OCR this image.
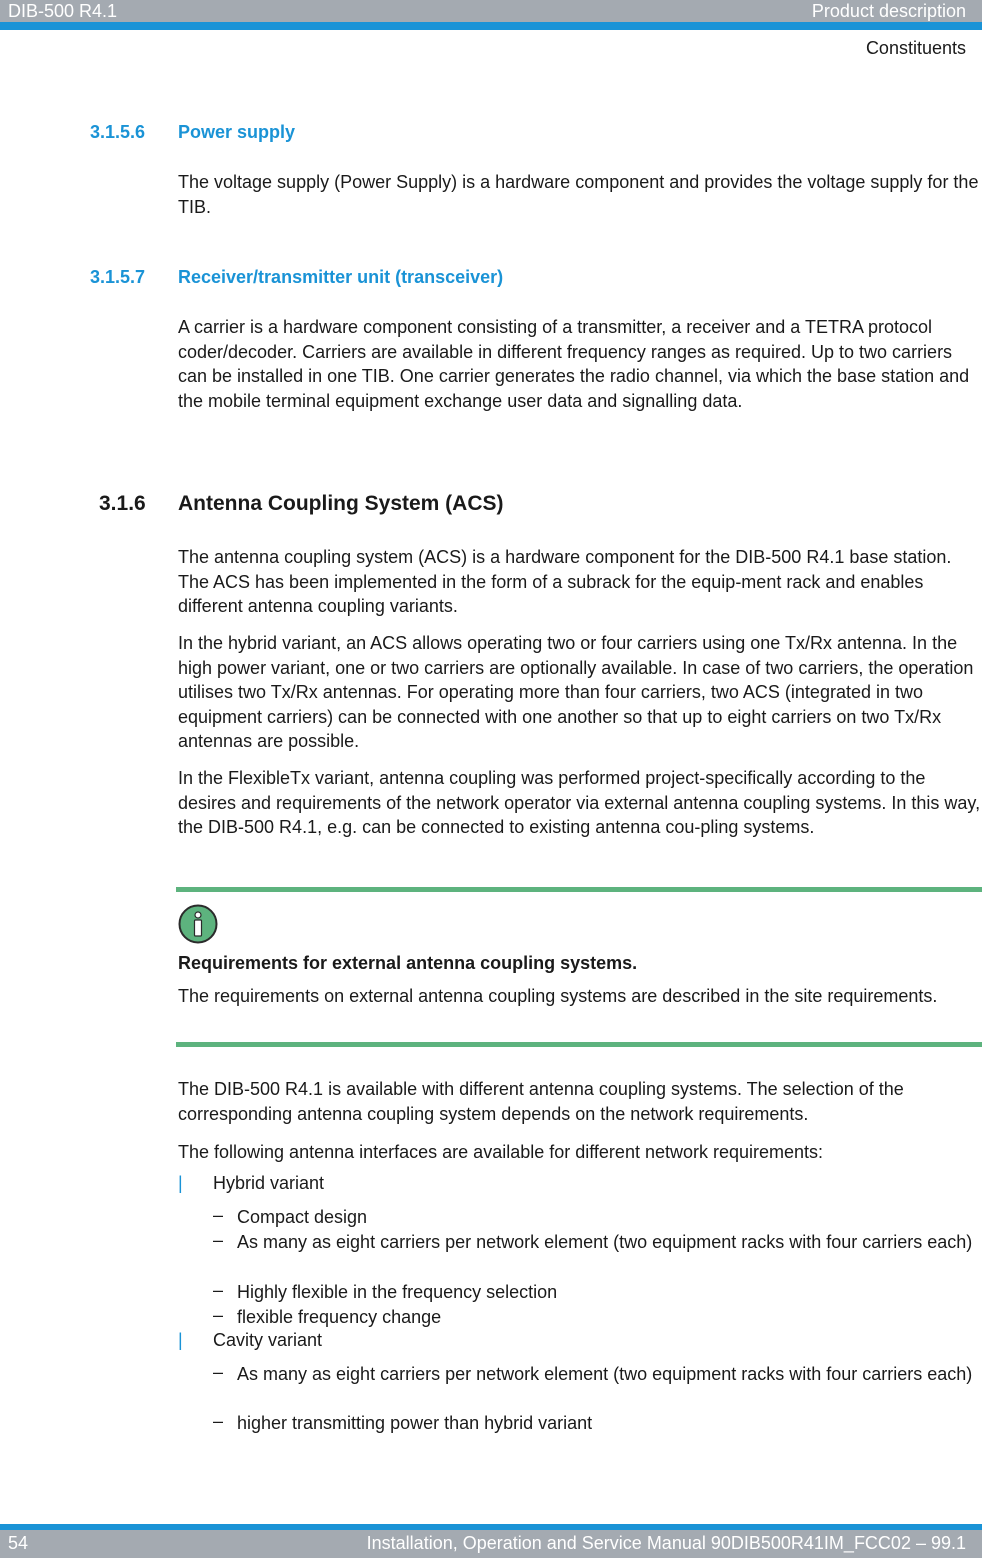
DIB-500 R4.1	Product description
Constituents
3.1.5.6 Power supply

The voltage supply (Power Supply) is a hardware component and provides the voltage supply for the TIB.

3.1.5.7 Receiver/transmitter unit (transceiver)

A carrier is a hardware component consisting of a transmitter, a receiver and a TETRA protocol coder/decoder. Carriers are available in different frequency ranges as required. Up to two carriers can be installed in one TIB. One carrier generates the radio channel, via which the base station and the mobile terminal equipment exchange user data and signalling data.

3.1.6 Antenna Coupling System (ACS)

The antenna coupling system (ACS) is a hardware component for the DIB-500 R4.1 base station. The ACS has been implemented in the form of a subrack for the equip-ment rack and enables different antenna coupling variants.

In the hybrid variant, an ACS allows operating two or four carriers using one Tx/Rx antenna. In the high power variant, one or two carriers are optionally available. In case of two carriers, the operation utilises two Tx/Rx antennas. For operating more than four carriers, two ACS (integrated in two equipment carriers) can be connected with one another so that up to eight carriers on two Tx/Rx antennas are possible.

In the FlexibleTx variant, antenna coupling was performed project-specifically according to the desires and requirements of the network operator via external antenna coupling systems. In this way, the DIB-500 R4.1, e.g. can be connected to existing antenna cou-pling systems.

Requirements for external antenna coupling systems.

The requirements on external antenna coupling systems are described in the site requirements.

The DIB-500 R4.1 is available with different antenna coupling systems. The selection of the corresponding antenna coupling system depends on the network requirements.

The following antenna interfaces are available for different network requirements:

| Hybrid variant
– Compact design
– As many as eight carriers per network element (two equipment racks with four carriers each)
– Highly flexible in the frequency selection
– flexible frequency change
| Cavity variant
– As many as eight carriers per network element (two equipment racks with four carriers each)
– higher transmitting power than hybrid variant
54	Installation, Operation and Service Manual 90DIB500R41IM_FCC02 – 99.1
